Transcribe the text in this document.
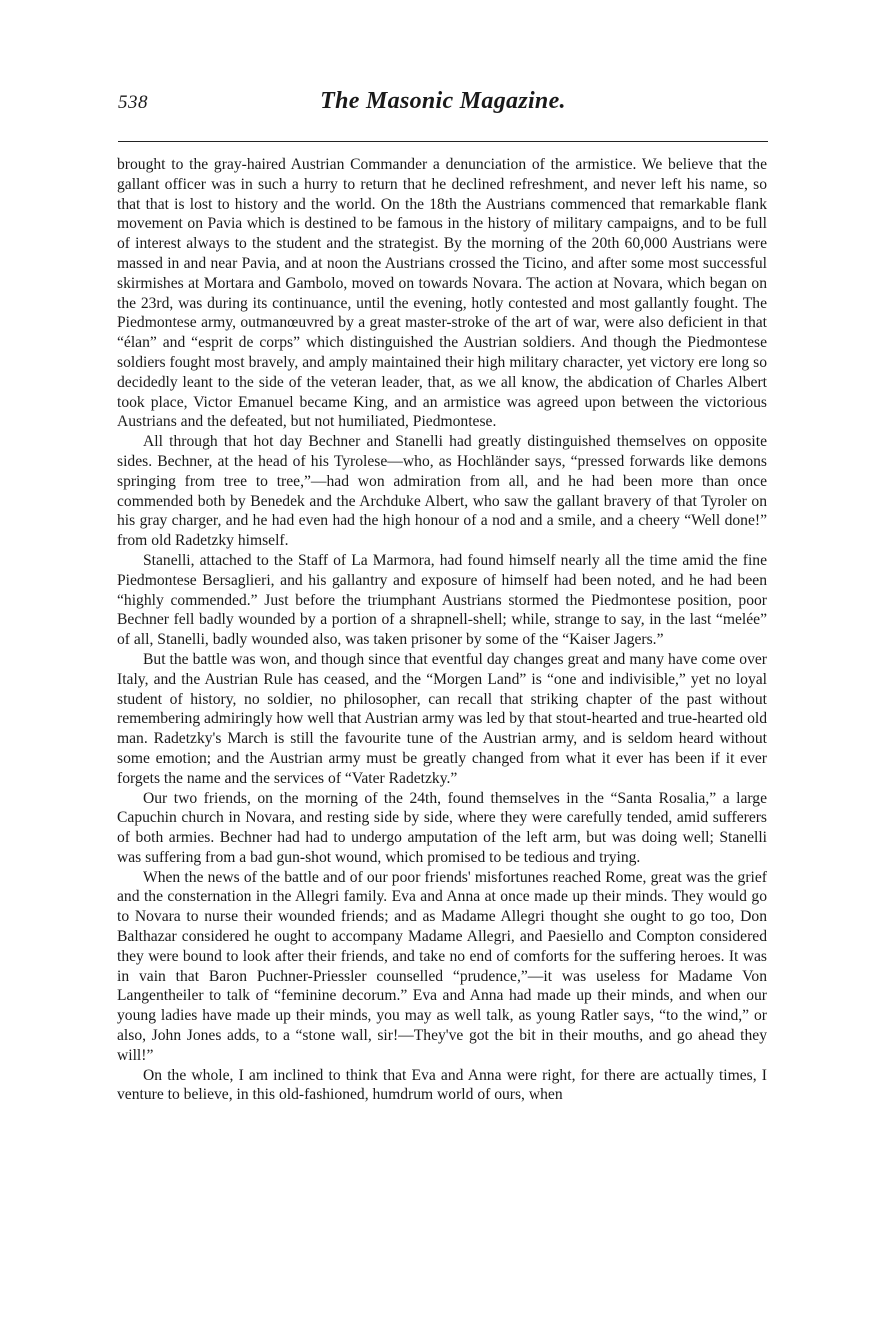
538	The Masonic Magazine.

brought to the gray-haired Austrian Commander a denunciation of the armistice. We believe that the gallant officer was in such a hurry to return that he declined refreshment, and never left his name, so that that is lost to history and the world. On the 18th the Austrians commenced that remarkable flank movement on Pavia which is destined to be famous in the history of military campaigns, and to be full of interest always to the student and the strategist. By the morning of the 20th 60,000 Austrians were massed in and near Pavia, and at noon the Austrians crossed the Ticino, and after some most successful skirmishes at Mortara and Gambolo, moved on towards Novara. The action at Novara, which began on the 23rd, was during its continuance, until the evening, hotly contested and most gallantly fought. The Piedmontese army, outmanœuvred by a great master-stroke of the art of war, were also deficient in that “élan” and “esprit de corps” which distinguished the Austrian soldiers. And though the Piedmontese soldiers fought most bravely, and amply maintained their high military character, yet victory ere long so decidedly leant to the side of the veteran leader, that, as we all know, the abdication of Charles Albert took place, Victor Emanuel became King, and an armistice was agreed upon between the victorious Austrians and the defeated, but not humiliated, Piedmontese.

All through that hot day Bechner and Stanelli had greatly distinguished themselves on opposite sides. Bechner, at the head of his Tyrolese—who, as Hochländer says, “pressed forwards like demons springing from tree to tree,”—had won admiration from all, and he had been more than once commended both by Benedek and the Archduke Albert, who saw the gallant bravery of that Tyroler on his gray charger, and he had even had the high honour of a nod and a smile, and a cheery “Well done!” from old Radetzky himself.

Stanelli, attached to the Staff of La Marmora, had found himself nearly all the time amid the fine Piedmontese Bersaglieri, and his gallantry and exposure of himself had been noted, and he had been “highly commended.” Just before the triumphant Austrians stormed the Piedmontese position, poor Bechner fell badly wounded by a portion of a shrapnell-shell; while, strange to say, in the last “melée” of all, Stanelli, badly wounded also, was taken prisoner by some of the “Kaiser Jagers.”

But the battle was won, and though since that eventful day changes great and many have come over Italy, and the Austrian Rule has ceased, and the “Morgen Land” is “one and indivisible,” yet no loyal student of history, no soldier, no philosopher, can recall that striking chapter of the past without remembering admiringly how well that Austrian army was led by that stout-hearted and true-hearted old man. Radetzky's March is still the favourite tune of the Austrian army, and is seldom heard without some emotion; and the Austrian army must be greatly changed from what it ever has been if it ever forgets the name and the services of “Vater Radetzky.”

Our two friends, on the morning of the 24th, found themselves in the “Santa Rosalia,” a large Capuchin church in Novara, and resting side by side, where they were carefully tended, amid sufferers of both armies. Bechner had had to undergo amputation of the left arm, but was doing well; Stanelli was suffering from a bad gun-shot wound, which promised to be tedious and trying.

When the news of the battle and of our poor friends' misfortunes reached Rome, great was the grief and the consternation in the Allegri family. Eva and Anna at once made up their minds. They would go to Novara to nurse their wounded friends; and as Madame Allegri thought she ought to go too, Don Balthazar considered he ought to accompany Madame Allegri, and Paesiello and Compton considered they were bound to look after their friends, and take no end of comforts for the suffering heroes. It was in vain that Baron Puchner-Priessler counselled “prudence,”—it was useless for Madame Von Langentheiler to talk of “feminine decorum.” Eva and Anna had made up their minds, and when our young ladies have made up their minds, you may as well talk, as young Ratler says, “to the wind,” or also, John Jones adds, to a “stone wall, sir!—They've got the bit in their mouths, and go ahead they will!”

On the whole, I am inclined to think that Eva and Anna were right, for there are actually times, I venture to believe, in this old-fashioned, humdrum world of ours, when
